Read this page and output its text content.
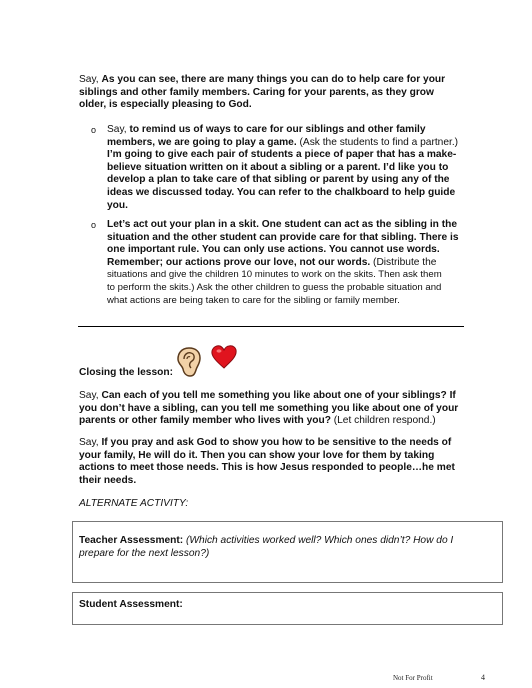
Say, As you can see, there are many things you can do to help care for your
siblings and other family members. Caring for your parents, as they grow
older, is especially pleasing to God.
o Say, to remind us of ways to care for our siblings and other family
members, we are going to play a game. (Ask the students to find a partner.)
I’m going to give each pair of students a piece of paper that has a make-
believe situation written on it about a sibling or a parent. I’d like you to
develop a plan to take care of that sibling or parent by using any of the
ideas we discussed today. You can refer to the chalkboard to help guide
you.
o Let’s act out your plan in a skit. One student can act as the sibling in the
situation and the other student can provide care for that sibling. There is
one important rule. You can only use actions. You cannot use words.
Remember; our actions prove our love, not our words. (Distribute the
situations and give the children 10 minutes to work on the skits. Then ask them
to perform the skits.) Ask the other children to guess the probable situation and
what actions are being taken to care for the sibling or family member.
Closing the lesson:
Say, Can each of you tell me something you like about one of your siblings? If
you don’t have a sibling, can you tell me something you like about one of your
parents or other family member who lives with you? (Let children respond.)
Say, If you pray and ask God to show you how to be sensitive to the needs of
your family, He will do it. Then you can show your love for them by taking
actions to meet those needs. This is how Jesus responded to people…he met
their needs.
ALTERNATE ACTIVITY:
Teacher Assessment: (Which activities worked well? Which ones didn’t? How do I
prepare for the next lesson?)
Student Assessment:
Not For Profit	4
